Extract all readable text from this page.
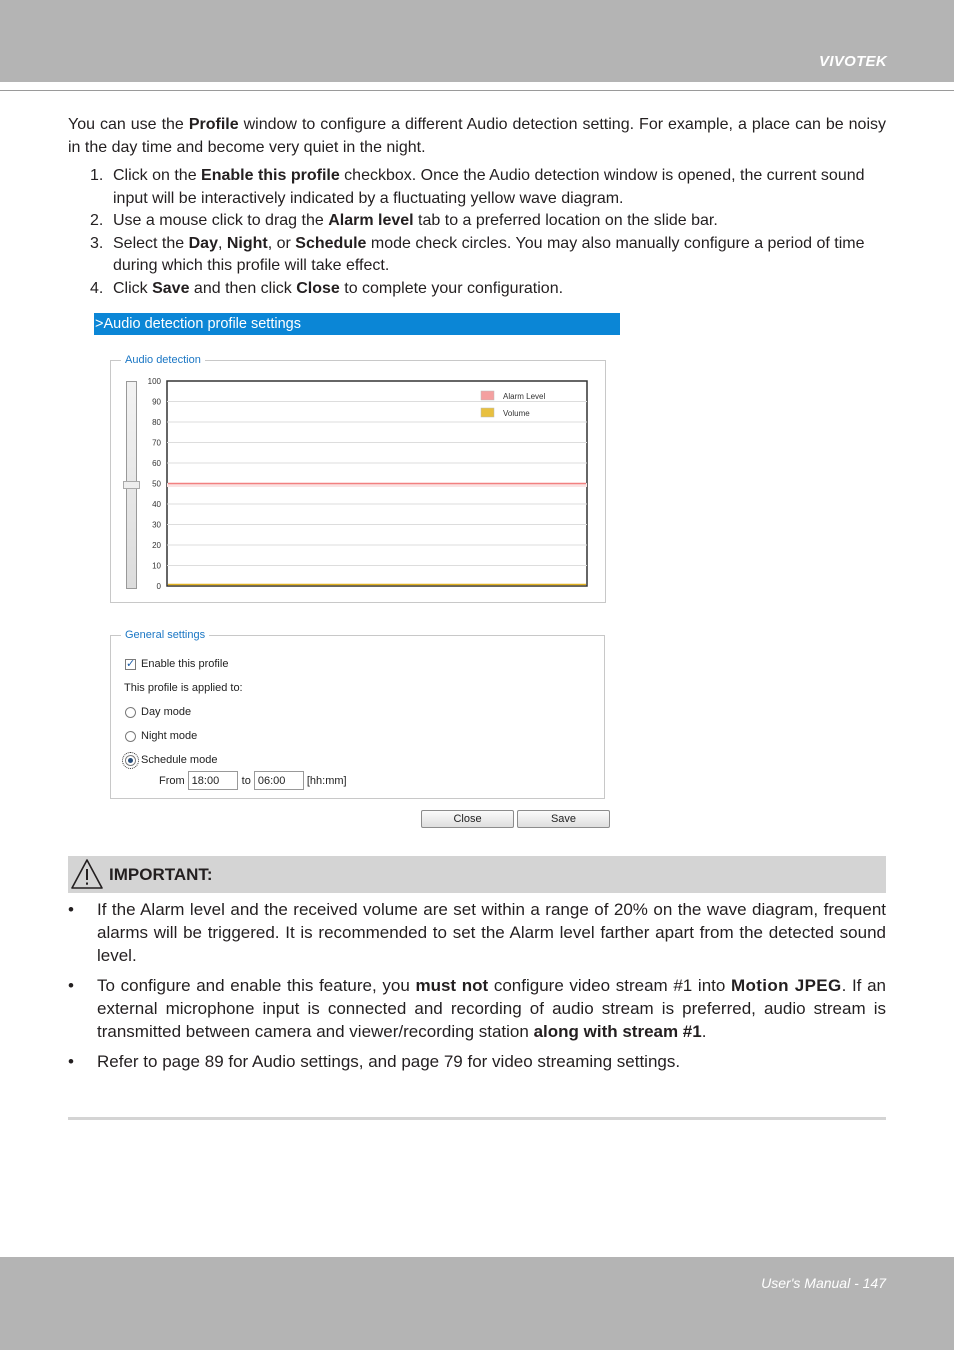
VIVOTEK

You can use the Profile window to configure a different Audio detection setting. For example, a place can be noisy in the day time and become very quiet in the night.

1. Click on the Enable this profile checkbox. Once the Audio detection window is opened, the current sound input will be interactively indicated by a fluctuating yellow wave diagram.
2. Use a mouse click to drag the Alarm level tab to a preferred location on the slide bar.
3. Select the Day, Night, or Schedule mode check circles. You may also manually configure a period of time during which this profile will take effect.
4. Click Save and then click Close to complete your configuration.
>Audio detection profile settings
Audio detection
100
90
80
70
60
50
40
30
20
10
0
Alarm Level
Volume
General settings
✓
Enable this profile
This profile is applied to:
Day mode
Night mode
Schedule mode
From
18:00	to
06:00	[hh:mm]
Close	Save
IMPORTANT:
• If the Alarm level and the received volume are set within a range of 20% on the wave diagram, frequent alarms will be triggered. It is recommended to set the Alarm level farther apart from the detected sound level.
• To configure and enable this feature, you must not configure video stream #1 into Motion JPEG. If an external microphone input is connected and recording of audio stream is preferred, audio stream is transmitted between camera and viewer/recording station along with stream #1.
• Refer to page 89 for Audio settings, and page 79 for video streaming settings.
User's Manual - 147
